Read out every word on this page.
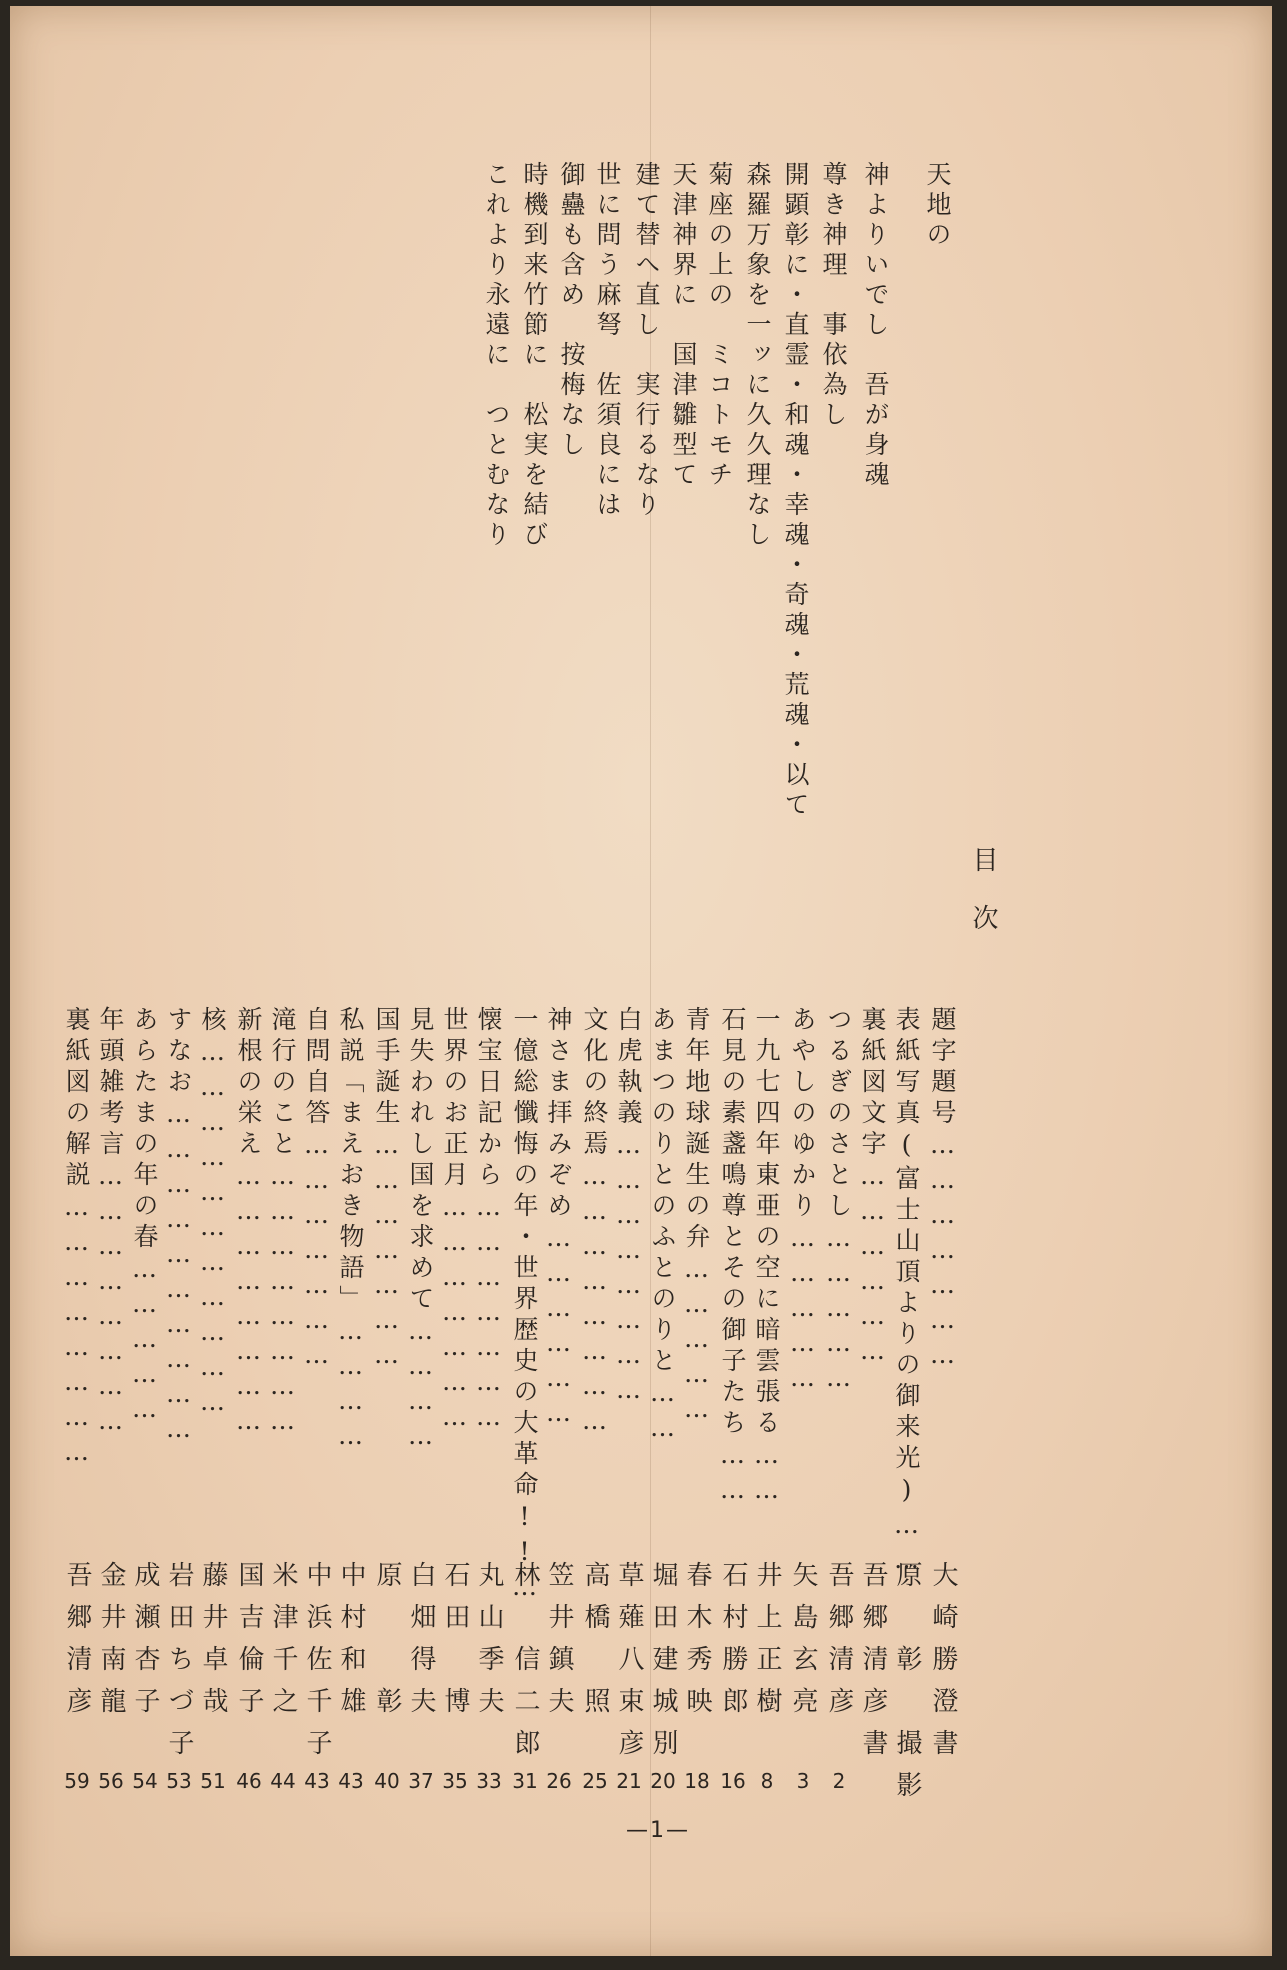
天地の
神よりいでし　吾が身魂
尊き神理　事依為し
開顕彰に・直霊・和魂・幸魂・奇魂・荒魂・以て
森羅万象を一ッに久久理なし
菊座の上の　ミコトモチ
天津神界に　国津雛型て
建て替へ直し　実行るなり
世に問う麻弩　佐須良には
御蠱も含め　按梅なし
時機到来竹節に　松実を結び
これより永遠に　つとむなり
目　次
題字題号…………………
大崎勝澄書
表紙写真(富士山頂よりの御来光)……
原　彰　撮影
裏紙図文字………………
吾郷清彦書
つるぎのさとし……………
吾郷清彦
2
あやしのゆかり……………
矢島玄亮
3
一九七四年東亜の空に暗雲張る……
井上正樹
8
石見の素盞鳴尊とその御子たち……
石村勝郎
16
青年地球誕生の弁……………
春木秀映
18
あまつのりとのふとのりと……
堀田建城別
20
白虎執義……………………
草薙八束彦
21
文化の終焉……………………
高橋　照
25
神さま拝みぞめ………………
笠井鎮夫
26
一億総懺悔の年・世界歴史の大革命!!…
林　信二郎
31
懐宝日記から…………………
丸山季夫
33
世界のお正月…………………
石田　博
35
見失われし国を求めて…………
白畑得夫
37
国手誕生…………………
原　　彰
40
私説「まえおき物語」…………
中村和雄
43
自問自答…………………
中浜佐千子
43
滝行のこと……………………
米津千之
44
新根の栄え……………………
国吉倫子
46
核……………………………
藤井卓哉
51
すなお…………………………
岩田ちづ子
53
あらたまの年の春……………
成瀬杏子
54
年頭雑考言……………………
金井南龍
56
裏紙図の解説……………………
吾郷清彦
59
—1—
